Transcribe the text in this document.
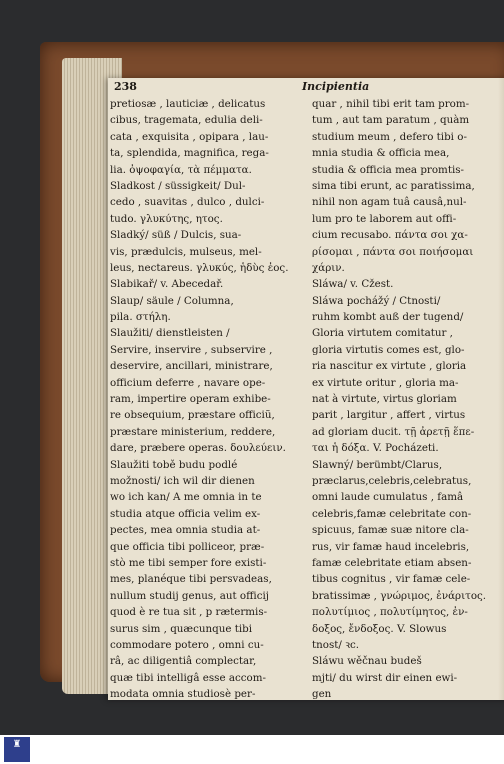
238	Incipientia
pretiosæ , lauticiæ , delicatus
cibus, tragemata, edulia deli-
cata , exquisita , opipara , lau-
ta, splendida, magnifica, rega-
lia. ὀψοφαγία, τὰ πέμματα.
Sladkost / süssigkeit/ Dul-
cedo , suavitas , dulco , dulci-
tudo. γλυκύτης, ητος.
Sladký/ süß / Dulcis, sua-
vis, prædulcis, mulseus, mel-
leus, nectareus. γλυκύς, ἡδὺς ἐος.
Slabikař/ v. Abecedař.
Slaup/ säule / Columna,
pila. στήλη.
Slaužiti/ dienstleisten /
Servire, inservire , subservire ,
deservire, ancillari, ministrare,
officium deferre , navare ope-
ram, impertire operam exhibe-
re obsequium, præstare officiũ,
præstare ministerium, reddere,
dare, præbere operas. δουλεύειν.
Slaužiti tobě budu podlé
možnosti/ ich wil dir dienen
wo ich kan/ A me omnia in te
studia atque officia velim ex-
pectes, mea omnia studia at-
que officia tibi polliceor, præ-
stò me tibi semper fore existi-
mes, planéque tibi persvadeas,
nullum studij genus, aut officij
quod è re tua sit , p rætermis-
surus sim , quæcunque tibi
commodare potero , omni cu-
râ, ac diligentiâ complectar,
quæ tibi intelligâ esse accom-
modata omnia studiosè per-
quar , nihil tibi erit tam prom-
tum , aut tam paratum , quàm
studium meum , defero tibi o-
mnia studia & officia mea,
studia & officia mea promtis-
sima tibi erunt, ac paratissima,
nihil non agam tuâ causâ,nul-
lum pro te laborem aut offi-
cium recusabo. πάντα σοι χα-
ρίσομαι , πάντα σοι ποιήσομαι
χάριν.
Sláwa/ v. Cžest.
Sláwa pochážý / Ctnosti/
ruhm kombt auß der tugend/
Gloria virtutem comitatur ,
gloria virtutis comes est, glo-
ria nascitur ex virtute , gloria
ex virtute oritur , gloria ma-
nat à virtute, virtus gloriam
parit , largitur , affert , virtus
ad gloriam ducit. τῇ ἀρετῇ ἕπε-
ται ἡ δόξα. V. Pocházeti.
Slawný/ berümbt/Clarus,
præclarus,celebris,celebratus,
omni laude cumulatus , famâ
celebris,famæ celebritate con-
spicuus, famæ suæ nitore cla-
rus, vir famæ haud incelebris,
famæ celebritate etiam absen-
tibus cognitus , vir famæ cele-
bratissimæ , γνώριμος, ἐνάριτος.
πολυτίμιος , πολυτίμητος, ἐν-
δοξος, ἔνδοξος. V. Slowus
tnost/ ꝛc.
Sláwu wěčnau budeš
mjti/ du wirst dir einen ewi-
gen
♜
